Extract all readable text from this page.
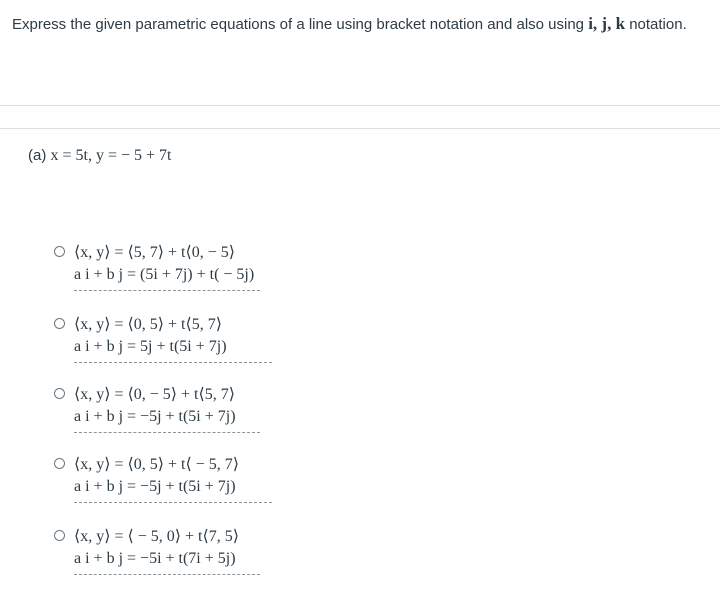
Express the given parametric equations of a line using bracket notation and also using i, j, k notation.
(a) x = 5t, y = − 5 + 7t
⟨x, y⟩ = ⟨5, 7⟩ + t⟨0, − 5⟩
a i + b j = (5i + 7j) + t( − 5j)
⟨x, y⟩ = ⟨0, 5⟩ + t⟨5, 7⟩
a i + b j = 5j + t(5i + 7j)
⟨x, y⟩ = ⟨0, − 5⟩ + t⟨5, 7⟩
a i + b j = −5j + t(5i + 7j)
⟨x, y⟩ = ⟨0, 5⟩ + t⟨ − 5, 7⟩
a i + b j = −5j + t(5i + 7j)
⟨x, y⟩ = ⟨ − 5, 0⟩ + t⟨7, 5⟩
a i + b j = −5i + t(7i + 5j)
